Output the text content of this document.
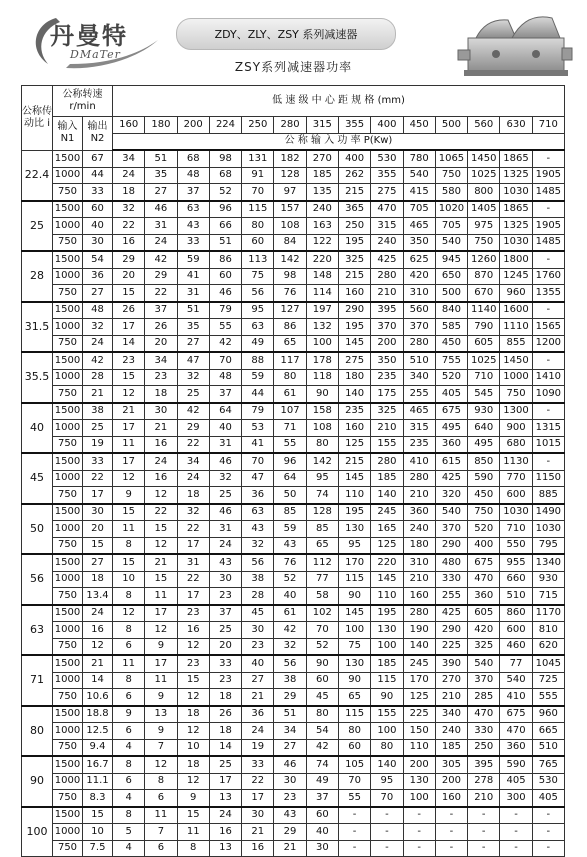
丹曼特
DMaTer
ZDY、ZLY、ZSY 系列减速器
ZSY系列减速器功率
公称传动比 i	公称转速 r/min		低 速 级 中 心 距 规 格 (mm)													
	输入 N1	输出 N2	160	180	200	224	250	280	315	355	400	450	500	560	630	710
			公 称 输 入 功 率 P(Kw)													
22.4	1500	67	34	51	68	98	131	182	270	400	530	780	1065	1450	1865	-
	1000	44	24	35	48	68	91	128	185	262	355	540	750	1025	1325	1905
	750	33	18	27	37	52	70	97	135	215	275	415	580	800	1030	1485
25	1500	60	32	46	63	96	115	157	240	365	470	705	1020	1405	1865	-
	1000	40	22	31	43	66	80	108	163	250	315	465	705	975	1325	1905
	750	30	16	24	33	51	60	84	122	195	240	350	540	750	1030	1485
28	1500	54	29	42	59	86	113	142	220	325	425	625	945	1260	1800	-
	1000	36	20	29	41	60	75	98	148	215	280	420	650	870	1245	1760
	750	27	15	22	31	46	56	76	114	160	210	310	500	670	960	1355
31.5	1500	48	26	37	51	79	95	127	197	290	395	560	840	1140	1600	-
	1000	32	17	26	35	55	63	86	132	195	370	370	585	790	1110	1565
	750	24	14	20	27	42	49	65	100	145	200	280	450	605	855	1200
35.5	1500	42	23	34	47	70	88	117	178	275	350	510	755	1025	1450	-
	1000	28	15	23	32	48	59	80	118	180	235	340	520	710	1000	1410
	750	21	12	18	25	37	44	61	90	140	175	255	405	545	750	1090
40	1500	38	21	30	42	64	79	107	158	235	325	465	675	930	1300	-
	1000	25	17	21	29	40	53	71	108	160	210	315	495	640	900	1315
	750	19	11	16	22	31	41	55	80	125	155	235	360	495	680	1015
45	1500	33	17	24	34	46	70	96	142	215	280	410	615	850	1130	-
	1000	22	12	16	24	32	47	64	95	145	185	280	425	590	770	1150
	750	17	9	12	18	25	36	50	74	110	140	210	320	450	600	885
50	1500	30	15	22	32	46	63	85	128	195	245	360	540	750	1030	1490
	1000	20	11	15	22	31	43	59	85	130	165	240	370	520	710	1030
	750	15	8	12	17	24	32	43	65	95	125	180	290	400	550	795
56	1500	27	15	21	31	43	56	76	112	170	220	310	480	675	955	1340
	1000	18	10	15	22	30	38	52	77	115	145	210	330	470	660	930
	750	13.4	8	11	17	23	28	40	58	90	110	160	255	360	510	715
63	1500	24	12	17	23	37	45	61	102	145	195	280	425	605	860	1170
	1000	16	8	12	16	25	30	42	70	100	130	190	290	420	600	810
	750	12	6	9	12	20	23	32	52	75	100	140	225	325	460	620
71	1500	21	11	17	23	33	40	56	90	130	185	245	390	540	77	1045
	1000	14	8	11	15	23	27	38	60	90	115	170	270	370	540	725
	750	10.6	6	9	12	18	21	29	45	65	90	125	210	285	410	555
80	1500	18.8	9	13	18	26	36	51	80	115	155	225	340	470	675	960
	1000	12.5	6	9	12	18	24	34	54	80	100	150	240	330	470	665
	750	9.4	4	7	10	14	19	27	42	60	80	110	185	250	360	510
90	1500	16.7	8	12	18	25	33	46	74	105	140	200	305	395	590	765
	1000	11.1	6	8	12	17	22	30	49	70	95	130	200	278	405	530
	750	8.3	4	6	9	13	17	23	37	55	70	100	160	210	300	405
100	1500	15	8	11	15	24	30	43	60	-	-	-	-	-	-	-
	1000	10	5	7	11	16	21	29	40	-	-	-	-	-	-	-
	750	7.5	4	6	8	13	16	21	30	-	-	-	-	-	-	-
